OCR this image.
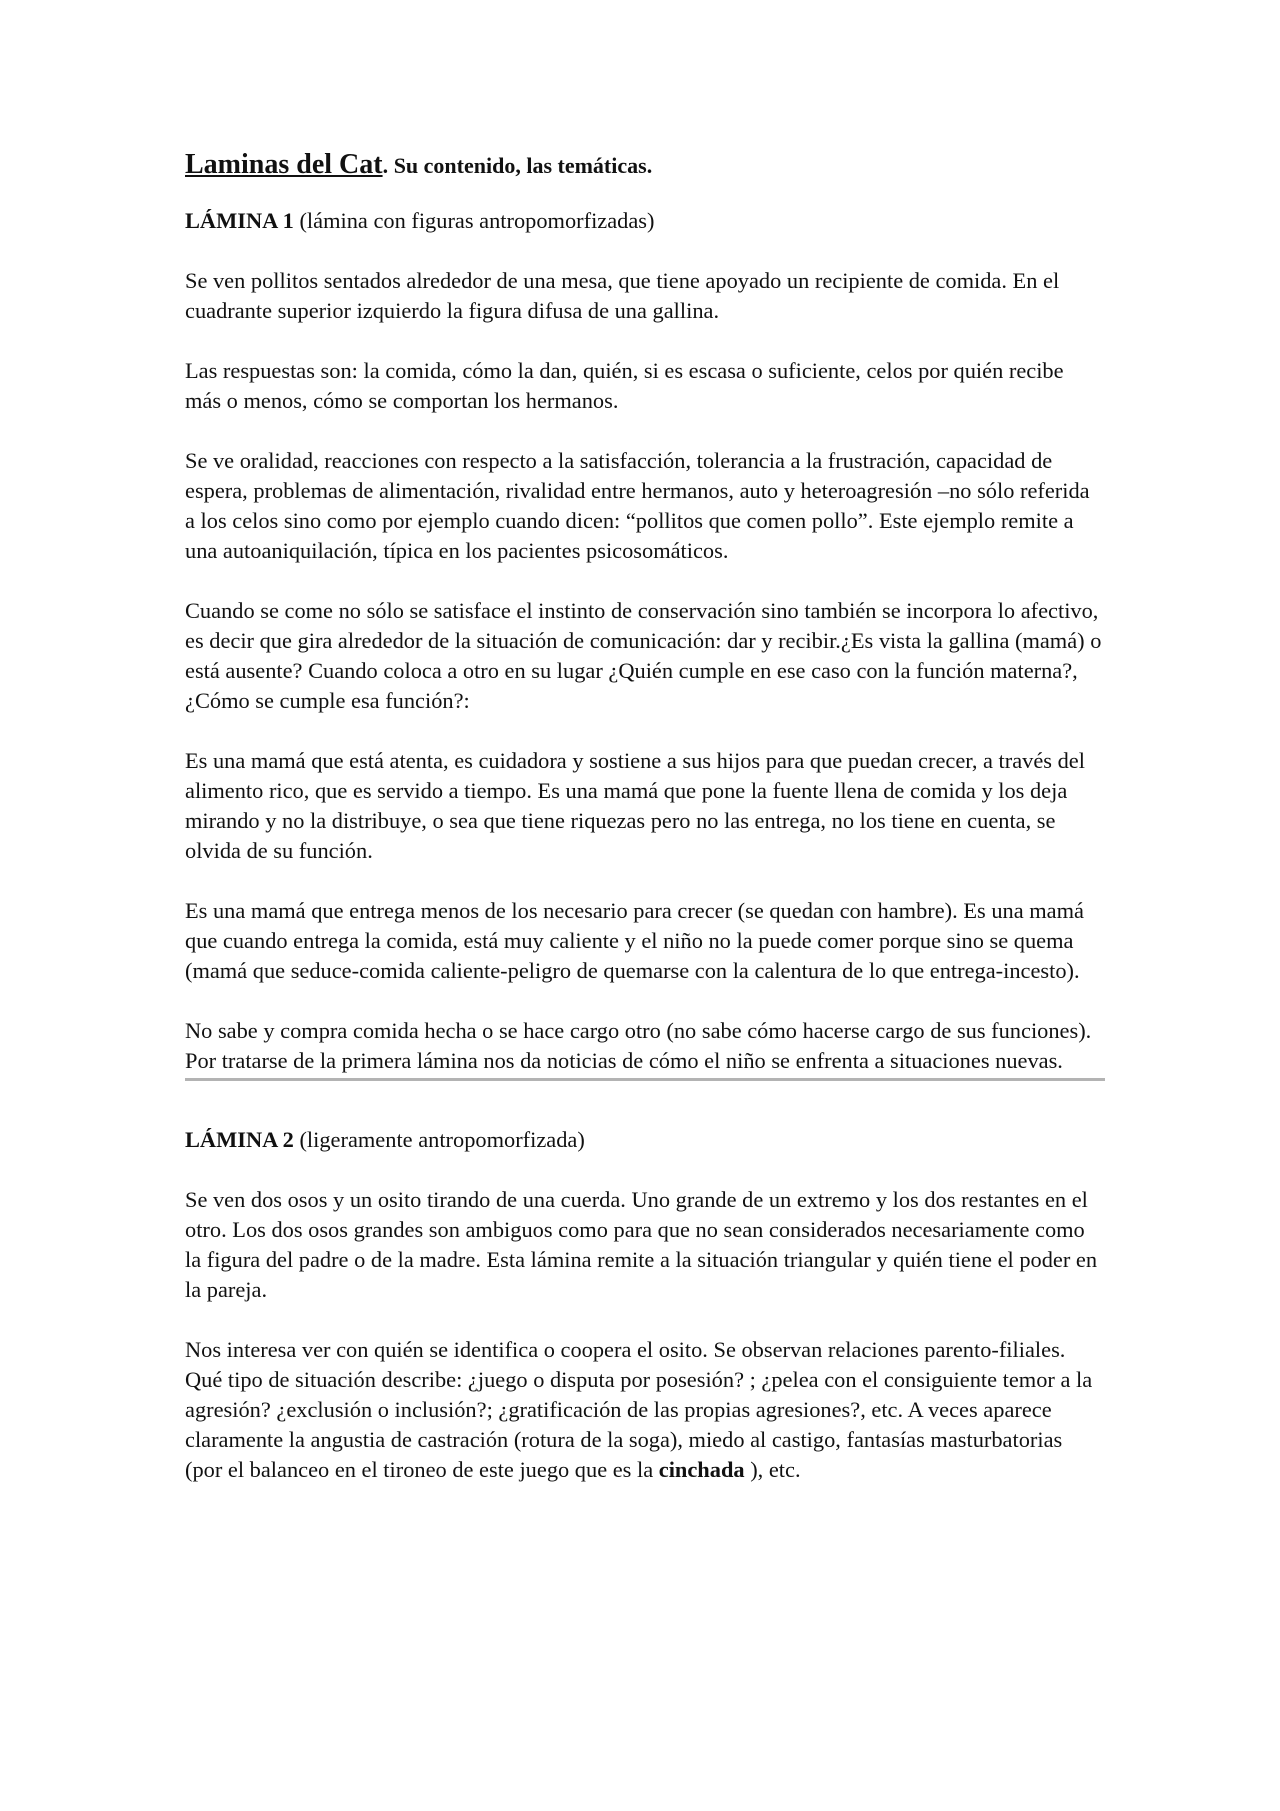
Laminas del Cat. Su contenido, las temáticas.
LÁMINA 1 (lámina con figuras antropomorfizadas)

Se ven pollitos sentados alrededor de una mesa, que tiene apoyado un recipiente de comida. En el cuadrante superior izquierdo la figura difusa de una gallina.

Las respuestas son: la comida, cómo la dan, quién, si es escasa o suficiente, celos por quién recibe más o menos, cómo se comportan los hermanos.

Se ve oralidad, reacciones con respecto a la satisfacción, tolerancia a la frustración, capacidad de espera, problemas de alimentación, rivalidad entre hermanos, auto y heteroagresión –no sólo referida a los celos sino como por ejemplo cuando dicen: “pollitos que comen pollo”. Este ejemplo remite a una autoaniquilación, típica en los pacientes psicosomáticos.

Cuando se come no sólo se satisface el instinto de conservación sino también se incorpora lo afectivo, es decir que gira alrededor de la situación de comunicación: dar y recibir.¿Es vista la gallina (mamá) o está ausente? Cuando coloca a otro en su lugar ¿Quién cumple en ese caso con la función materna?, ¿Cómo se cumple esa función?:

Es una mamá que está atenta, es cuidadora y sostiene a sus hijos para que puedan crecer, a través del alimento rico, que es servido a tiempo. Es una mamá que pone la fuente llena de comida y los deja mirando y no la distribuye, o sea que tiene riquezas pero no las entrega, no los tiene en cuenta, se olvida de su función.

Es una mamá que entrega menos de los necesario para crecer (se quedan con hambre). Es una mamá que cuando entrega la comida, está muy caliente y el niño no la puede comer porque sino se quema (mamá que seduce-comida caliente-peligro de quemarse con la calentura de lo que entrega-incesto).

No sabe y compra comida hecha o se hace cargo otro (no sabe cómo hacerse cargo de sus funciones). Por tratarse de la primera lámina nos da noticias de cómo el niño se enfrenta a situaciones nuevas.

LÁMINA 2 (ligeramente antropomorfizada)

Se ven dos osos y un osito tirando de una cuerda. Uno grande de un extremo y los dos restantes en el otro. Los dos osos grandes son ambiguos como para que no sean considerados necesariamente como la figura del padre o de la madre. Esta lámina remite a la situación triangular y quién tiene el poder en la pareja.

Nos interesa ver con quién se identifica o coopera el osito. Se observan relaciones parento-filiales. Qué tipo de situación describe: ¿juego o disputa por posesión? ; ¿pelea con el consiguiente temor a la agresión? ¿exclusión o inclusión?; ¿gratificación de las propias agresiones?, etc. A veces aparece claramente la angustia de castración (rotura de la soga), miedo al castigo, fantasías masturbatorias (por el balanceo en el tironeo de este juego que es la cinchada ), etc.
